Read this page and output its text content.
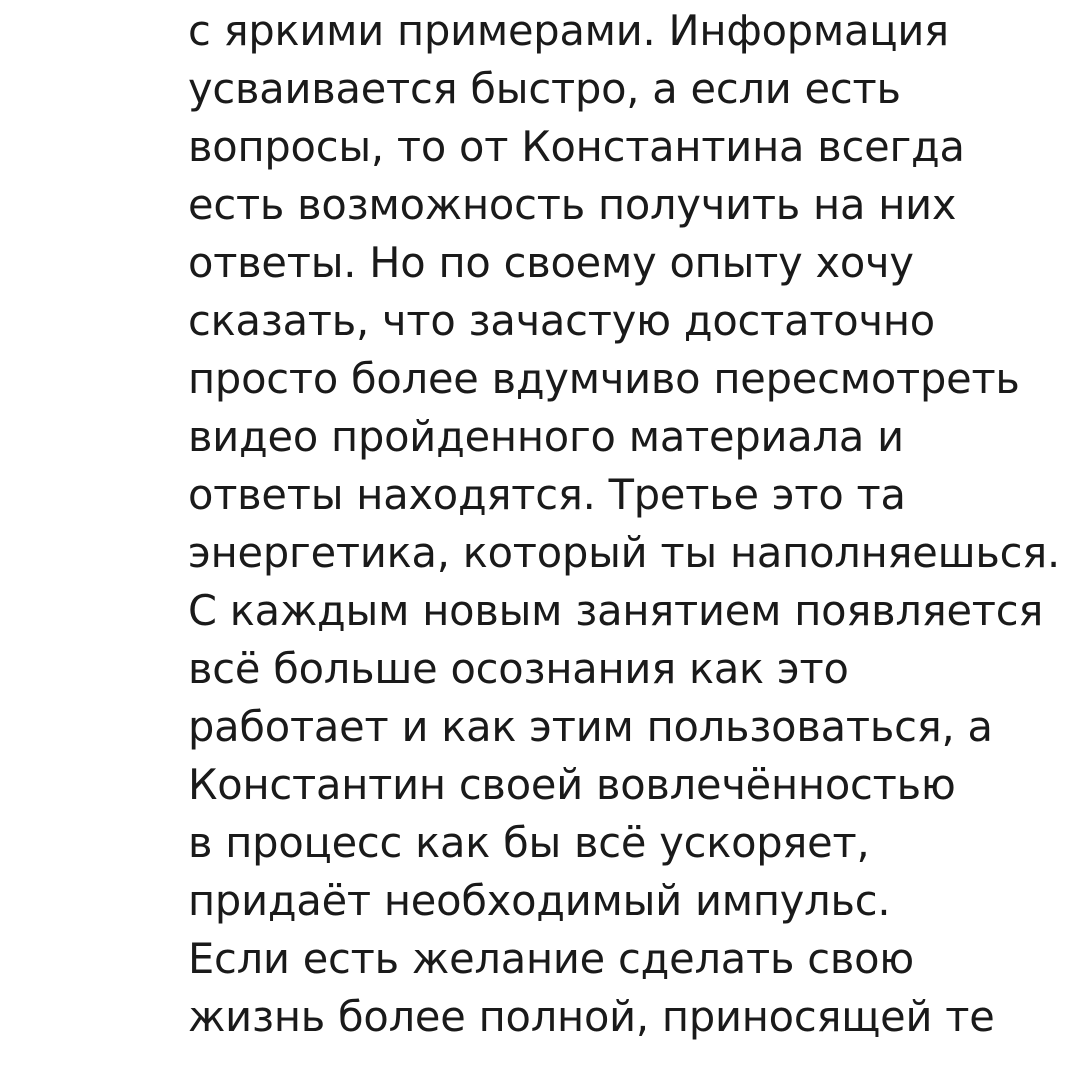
с яркими примерами. Информация
усваивается быстро, а если есть
вопросы, то от Константина всегда
есть возможность получить на них
ответы. Но по своему опыту хочу
сказать, что зачастую достаточно
просто более вдумчиво пересмотреть
видео пройденного материала и
ответы находятся. Третье это та
энергетика, который ты наполняешься.
С каждым новым занятием появляется
всё больше осознания как это
работает и как этим пользоваться, а
Константин своей вовлечённостью
в процесс как бы всё ускоряет,
придаёт необходимый импульс.
Если есть желание сделать свою
жизнь более полной, приносящей те
